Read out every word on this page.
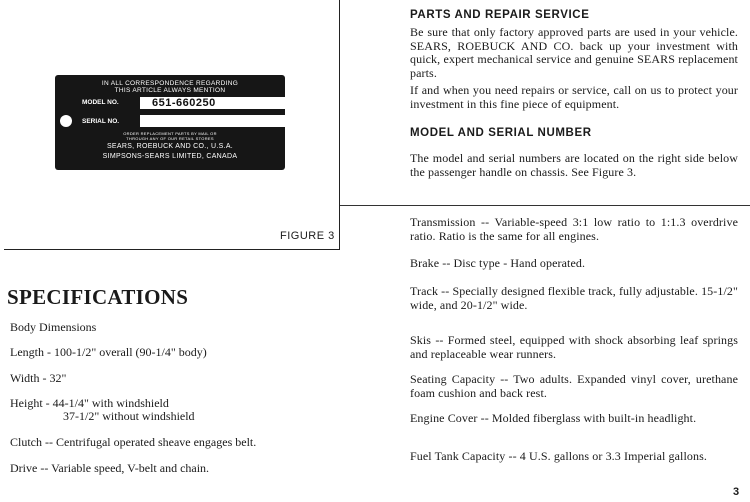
IN ALL CORRESPONDENCE REGARDING
THIS ARTICLE ALWAYS MENTION
MODEL NO.	651-660250
SERIAL NO.
ORDER REPLACEMENT PARTS BY MAIL OR
THROUGH ANY OF OUR RETAIL STORES
SEARS, ROEBUCK AND CO., U.S.A.
SIMPSONS-SEARS LIMITED, CANADA
FIGURE 3
SPECIFICATIONS
Body Dimensions
Length - 100-1/2" overall (90-1/4" body)
Width - 32"
Height - 44-1/4" with windshield
37-1/2" without windshield
Clutch -- Centrifugal operated sheave engages belt.
Drive -- Variable speed, V-belt and chain.
PARTS AND REPAIR SERVICE
Be sure that only factory approved parts are used in your vehicle. SEARS, ROEBUCK AND CO. back up your investment with quick, expert mechanical service and genuine SEARS replacement parts.
If and when you need repairs or service, call on us to protect your investment in this fine piece of equipment.
MODEL AND SERIAL NUMBER
The model and serial numbers are located on the right side below the passenger handle on chassis. See Figure 3.
Transmission -- Variable-speed 3:1 low ratio to 1:1.3 overdrive ratio. Ratio is the same for all engines.
Brake -- Disc type - Hand operated.
Track -- Specially designed flexible track, fully adjustable. 15-1/2" wide, and 20-1/2" wide.
Skis -- Formed steel, equipped with shock absorbing leaf springs and replaceable wear runners.
Seating Capacity -- Two adults. Expanded vinyl cover, urethane foam cushion and back rest.
Engine Cover -- Molded fiberglass with built-in headlight.
Fuel Tank Capacity -- 4 U.S. gallons or 3.3 Imperial gallons.
3
